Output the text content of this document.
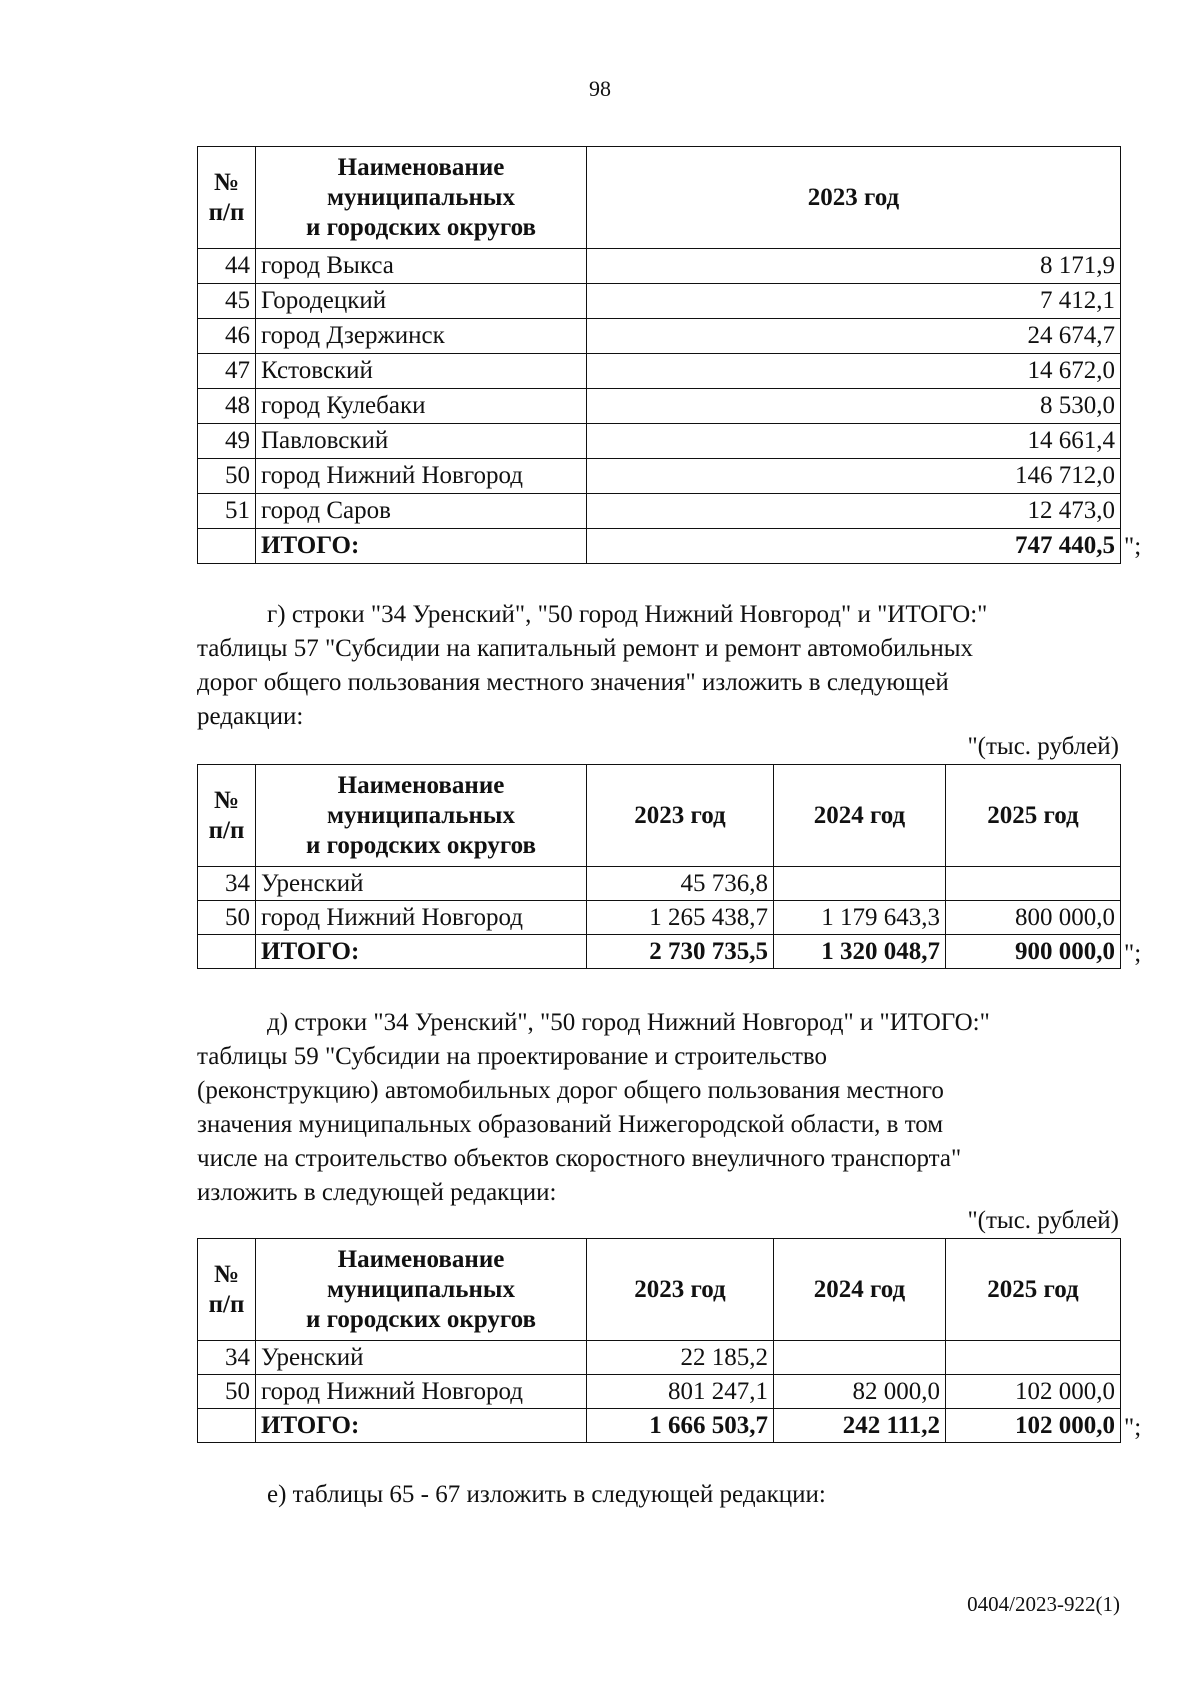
98
№
п/п	Наименование
муниципальных
и городских округов	2023 год
44	город Выкса	8 171,9
45	Городецкий	7 412,1
46	город Дзержинск	24 674,7
47	Кстовский	14 672,0
48	город Кулебаки	8 530,0
49	Павловский	14 661,4
50	город Нижний Новгород	146 712,0
51	город Саров	12 473,0
	ИТОГО:	747 440,5 ";
г) строки "34 Уренский", "50 город Нижний Новгород" и "ИТОГО:"
таблицы 57 "Субсидии на капитальный ремонт и ремонт автомобильных
дорог общего пользования местного значения" изложить в следующей
редакции:
"(тыс. рублей)
№
п/п	Наименование
муниципальных
и городских округов	2023 год	2024 год	2025 год
34	Уренский	45 736,8		
50	город Нижний Новгород	1 265 438,7	1 179 643,3	800 000,0
	ИТОГО:	2 730 735,5	1 320 048,7	900 000,0 ";
д) строки "34 Уренский", "50 город Нижний Новгород" и "ИТОГО:"
таблицы 59 "Субсидии на проектирование и строительство
(реконструкцию) автомобильных дорог общего пользования местного
значения муниципальных образований Нижегородской области, в том
числе на строительство объектов скоростного внеуличного транспорта"
изложить в следующей редакции:
"(тыс. рублей)
№
п/п	Наименование
муниципальных
и городских округов	2023 год	2024 год	2025 год
34	Уренский	22 185,2		
50	город Нижний Новгород	801 247,1	82 000,0	102 000,0
	ИТОГО:	1 666 503,7	242 111,2	102 000,0 ";
е) таблицы 65 - 67 изложить в следующей редакции:
0404/2023-922(1)
